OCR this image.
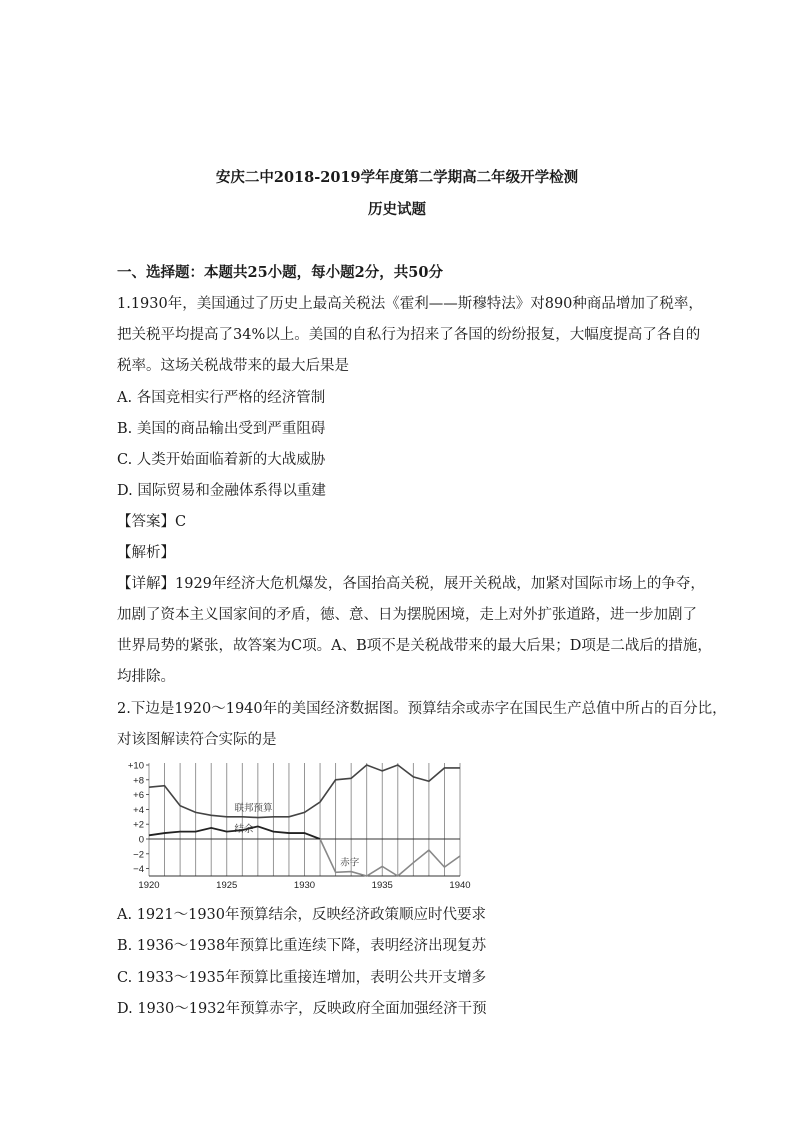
安庆二中2018-2019学年度第二学期高二年级开学检测
历史试题
一、选择题：本题共25小题，每小题2分，共50分
1.1930年，美国通过了历史上最高关税法《霍利——斯穆特法》对890种商品增加了税率，
把关税平均提高了34%以上。美国的自私行为招来了各国的纷纷报复，大幅度提高了各自的
税率。这场关税战带来的最大后果是
A. 各国竞相实行严格的经济管制
B. 美国的商品输出受到严重阻碍
C. 人类开始面临着新的大战威胁
D. 国际贸易和金融体系得以重建
【答案】C
【解析】
【详解】1929年经济大危机爆发，各国抬高关税，展开关税战，加紧对国际市场上的争夺，
加剧了资本主义国家间的矛盾，德、意、日为摆脱困境，走上对外扩张道路，进一步加剧了
世界局势的紧张，故答案为C项。A、B项不是关税战带来的最大后果；D项是二战后的措施，
均排除。
2.下边是1920～1940年的美国经济数据图。预算结余或赤字在国民生产总值中所占的百分比，
对该图解读符合实际的是
+10
+8
+6
+4
+2
0
−2
−4
1920	1925	1930	1935	1940
联邦预算
结余
赤字
A. 1921～1930年预算结余，反映经济政策顺应时代要求
B. 1936～1938年预算比重连续下降，表明经济出现复苏
C. 1933～1935年预算比重接连增加，表明公共开支增多
D. 1930～1932年预算赤字，反映政府全面加强经济干预
